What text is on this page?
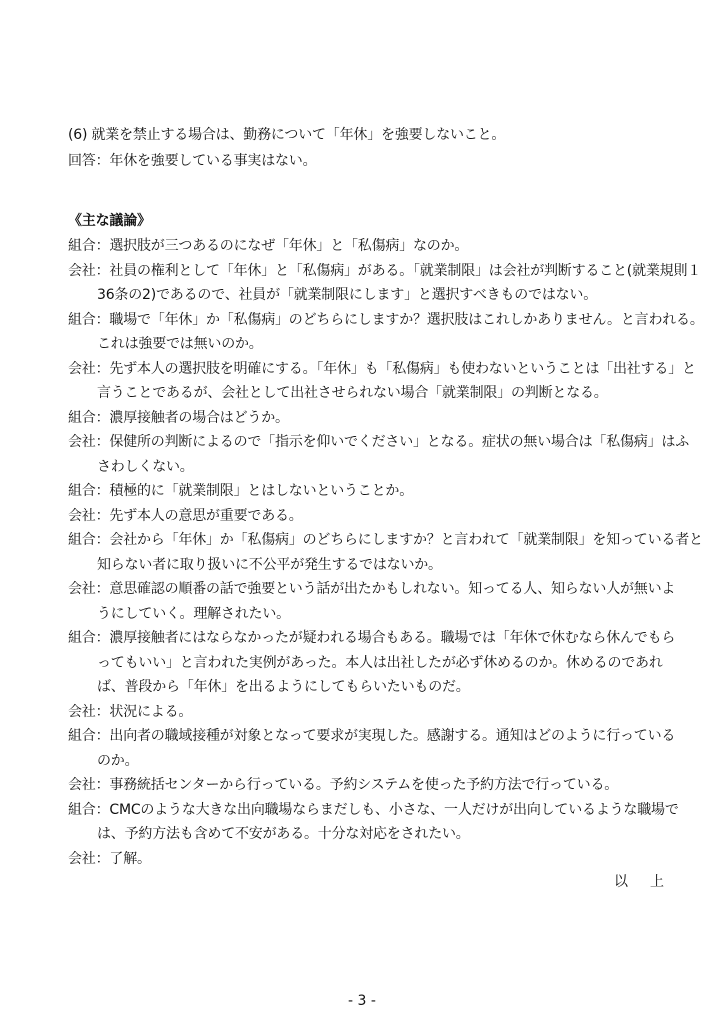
(6) 就業を禁止する場合は、勤務について「年休」を強要しないこと。
回答：年休を強要している事実はない。
《主な議論》
組合：選択肢が三つあるのになぜ「年休」と「私傷病」なのか。
会社：社員の権利として「年休」と「私傷病」がある。「就業制限」は会社が判断すること(就業規則１
36条の2)であるので、社員が「就業制限にします」と選択すべきものではない。
組合：職場で「年休」か「私傷病」のどちらにしますか？選択肢はこれしかありません。と言われる。
これは強要では無いのか。
会社：先ず本人の選択肢を明確にする。「年休」も「私傷病」も使わないということは「出社する」と
言うことであるが、会社として出社させられない場合「就業制限」の判断となる。
組合：濃厚接触者の場合はどうか。
会社：保健所の判断によるので「指示を仰いでください」となる。症状の無い場合は「私傷病」はふ
さわしくない。
組合：積極的に「就業制限」とはしないということか。
会社：先ず本人の意思が重要である。
組合：会社から「年休」か「私傷病」のどちらにしますか？と言われて「就業制限」を知っている者と
知らない者に取り扱いに不公平が発生するではないか。
会社：意思確認の順番の話で強要という話が出たかもしれない。知ってる人、知らない人が無いよ
うにしていく。理解されたい。
組合：濃厚接触者にはならなかったが疑われる場合もある。職場では「年休で休むなら休んでもら
ってもいい」と言われた実例があった。本人は出社したが必ず休めるのか。休めるのであれ
ば、普段から「年休」を出るようにしてもらいたいものだ。
会社：状況による。
組合：出向者の職域接種が対象となって要求が実現した。感謝する。通知はどのように行っている
のか。
会社：事務統括センターから行っている。予約システムを使った予約方法で行っている。
組合：CMCのような大きな出向職場ならまだしも、小さな、一人だけが出向しているような職場で
は、予約方法も含めて不安がある。十分な対応をされたい。
会社：了解。
以　上
- 3 -
